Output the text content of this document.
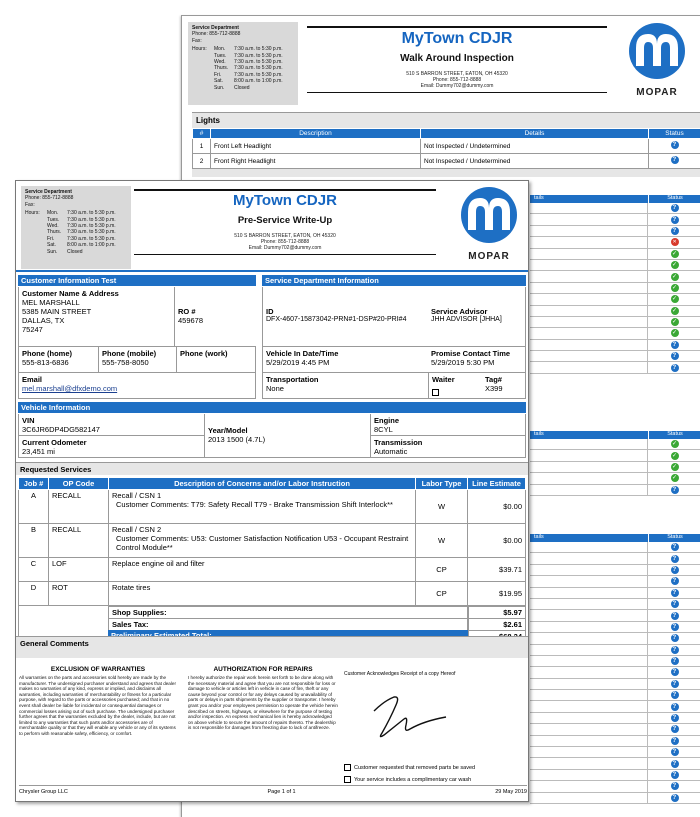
Service Department
Phone: 855-712-8888
Fax:
Hours:	Mon.	7:30 a.m. to 5:30 p.m.
Tues.	7:30 a.m. to 5:30 p.m.
Wed.	7:30 a.m. to 5:30 p.m.
Thurs.	7:30 a.m. to 5:30 p.m.
Fri.	7:30 a.m. to 5:30 p.m.
Sat.	8:00 a.m. to 1:00 p.m.
Sun.	Closed
MyTown CDJR
Walk Around Inspection
510 S BARRON STREET, EATON, OH 45320
Phone: 855-712-8888
Email: Dummy702@dummy.com
MOPAR
Lights
#	Description	Details	Status
1	Front Left Headlight	Not Inspected / Undetermined	?
2	Front Right Headlight	Not Inspected / Undetermined	?
tails	Status
?
?
?
✕
✓
✓
✓
✓
✓
✓
✓
✓
?
?
?
tails	Status
✓
✓
✓
✓
?
tails	Status
?
?
?
?
?
?
?
?
?
?
?
?
?
?
?
?
?
?
?
?
?
?
?
Service Department
Phone: 855-712-8888
Fax:
Hours:	Mon.	7:30 a.m. to 5:30 p.m.
Tues.	7:30 a.m. to 5:30 p.m.
Wed.	7:30 a.m. to 5:30 p.m.
Thurs.	7:30 a.m. to 5:30 p.m.
Fri.	7:30 a.m. to 5:30 p.m.
Sat.	8:00 a.m. to 1:00 p.m.
Sun.	Closed
MyTown CDJR
Pre-Service Write-Up
510 S BARRON STREET, EATON, OH 45320
Phone: 855-712-8888
Email: Dummy702@dummy.com
MOPAR
Customer Information Test	Service Department Information
Customer Name & Address
MEL MARSHALL
5385 MAIN STREET
DALLAS, TX
75247
RO #
459678
Phone (home)
555-813-6836
Phone (mobile)
555-758-8050
Phone (work)
Email
mel.marshall@dfxdemo.com
ID
DFX-4607-15873042-PRN#1-DSP#20-PRI#4
Service Advisor
JHH ADVISOR [JHHA]
Vehicle In Date/Time
5/29/2019 4:45 PM
Promise Contact Time
5/29/2019 5:30 PM
Transportation
None
Waiter	Tag#
X399
Vehicle Information
VIN
3C6JR6DP4DG582147	Year/Model
2013 1500 (4.7L)
Engine
8CYL
Current Odometer
23,451 mi
Transmission
Automatic
Requested Services
Job #	OP Code	Description of Concerns and/or Labor Instruction	Labor Type	Line Estimate
A	RECALL	Recall / CSN 1
Customer Comments: T79: Safety Recall T79 - Brake Transmission Shift Interlock**	W	$0.00
B	RECALL	Recall / CSN 2
Customer Comments: U53: Customer Satisfaction Notification U53 - Occupant Restraint Control Module**	W	$0.00
C	LOF	Replace engine oil and filter	CP	$39.71
D	ROT	Rotate tires	CP	$19.95
Shop Supplies:	$5.97
Sales Tax:	$2.61
General Comments
EXCLUSION OF WARRANTIES
All warranties on the parts and accessories sold hereby are made by the manufacturer. The undersigned purchaser understand and agrees that dealer makes no warranties of any kind, express or implied, and disclaims all warranties, including warranties of merchantability or fitness for a particular purpose, with regard to the parts or accessories purchased; and that in no event shall dealer be liable for incidental or consequential damages or commercial losses arising out of such purchase. The undersigned purchaser further agrees that the warranties excluded by the dealer, include, but are not limited to any warranties that such parts and/or accessories are of merchantable quality or that they will enable any vehicle or any of its systems to perform with reasonable safety, efficiency, or comfort.
AUTHORIZATION FOR REPAIRS
I hereby authorize the repair work herein set forth to be done along with the necessary material and agree that you are not responsible for loss or damage to vehicle or articles left in vehicle in case of fire, theft or any cause beyond your control or for any delays caused by unavailability of parts or delays in parts shipments by the supplier or transporter. I hereby grant you and/or your employees permission to operate the vehicle herein described on streets, highways, or elsewhere for the purpose of testing and/or inspection. An express mechanical lien is hereby acknowledged on above vehicle to secure the amount of repairs thereto. The dealership is not responsible for damages from freezing due to lack of antifreeze.
Customer Acknowledges Receipt of a copy Hereof
Customer requested that removed parts be saved
Your service includes a complimentary car wash
Chrysler Group LLC	Page 1 of 1	29 May 2019
